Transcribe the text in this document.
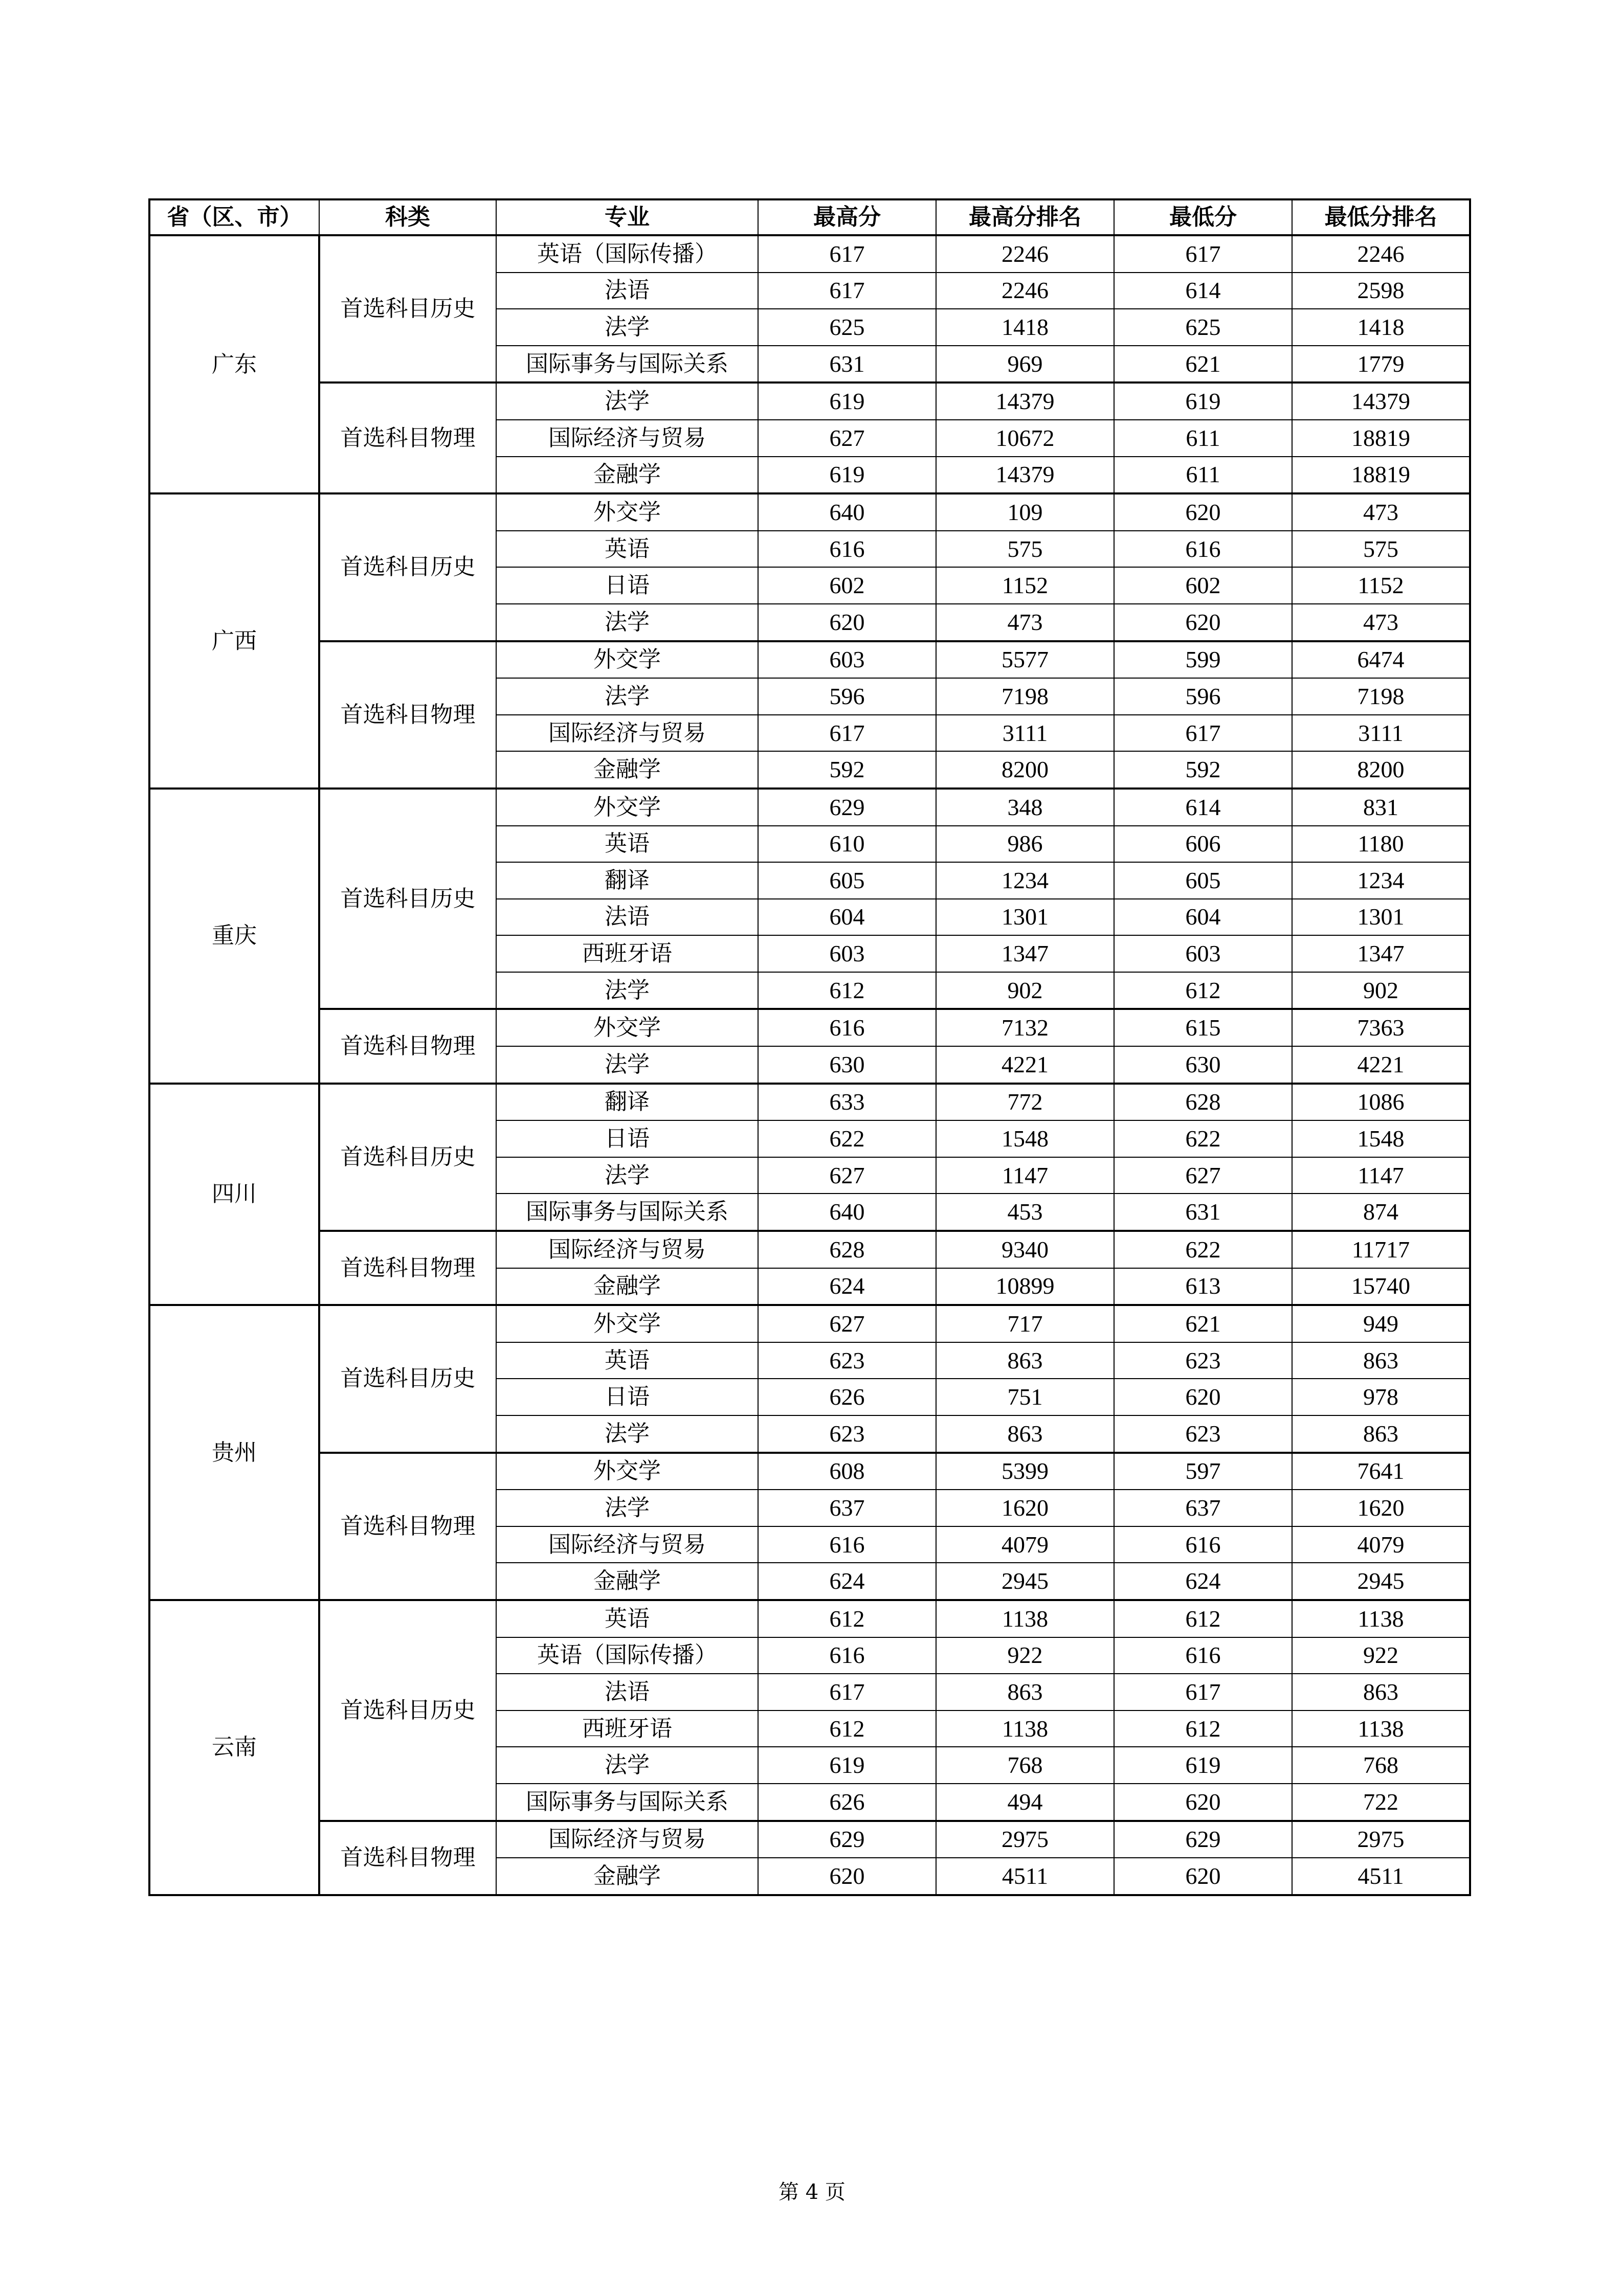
省（区、市）	科类	专业	最高分	最高分排名	最低分	最低分排名
广东	首选科目历史	英语（国际传播）	617	2246	617	2246
		法语	617	2246	614	2598
		法学	625	1418	625	1418
		国际事务与国际关系	631	969	621	1779
	首选科目物理	法学	619	14379	619	14379
		国际经济与贸易	627	10672	611	18819
		金融学	619	14379	611	18819
广西	首选科目历史	外交学	640	109	620	473
		英语	616	575	616	575
		日语	602	1152	602	1152
		法学	620	473	620	473
	首选科目物理	外交学	603	5577	599	6474
		法学	596	7198	596	7198
		国际经济与贸易	617	3111	617	3111
		金融学	592	8200	592	8200
重庆	首选科目历史	外交学	629	348	614	831
		英语	610	986	606	1180
		翻译	605	1234	605	1234
		法语	604	1301	604	1301
		西班牙语	603	1347	603	1347
		法学	612	902	612	902
	首选科目物理	外交学	616	7132	615	7363
		法学	630	4221	630	4221
四川	首选科目历史	翻译	633	772	628	1086
		日语	622	1548	622	1548
		法学	627	1147	627	1147
		国际事务与国际关系	640	453	631	874
	首选科目物理	国际经济与贸易	628	9340	622	11717
		金融学	624	10899	613	15740
贵州	首选科目历史	外交学	627	717	621	949
		英语	623	863	623	863
		日语	626	751	620	978
		法学	623	863	623	863
	首选科目物理	外交学	608	5399	597	7641
		法学	637	1620	637	1620
		国际经济与贸易	616	4079	616	4079
		金融学	624	2945	624	2945
云南	首选科目历史	英语	612	1138	612	1138
		英语（国际传播）	616	922	616	922
		法语	617	863	617	863
		西班牙语	612	1138	612	1138
		法学	619	768	619	768
		国际事务与国际关系	626	494	620	722
	首选科目物理	国际经济与贸易	629	2975	629	2975
		金融学	620	4511	620	4511
第 4 页
